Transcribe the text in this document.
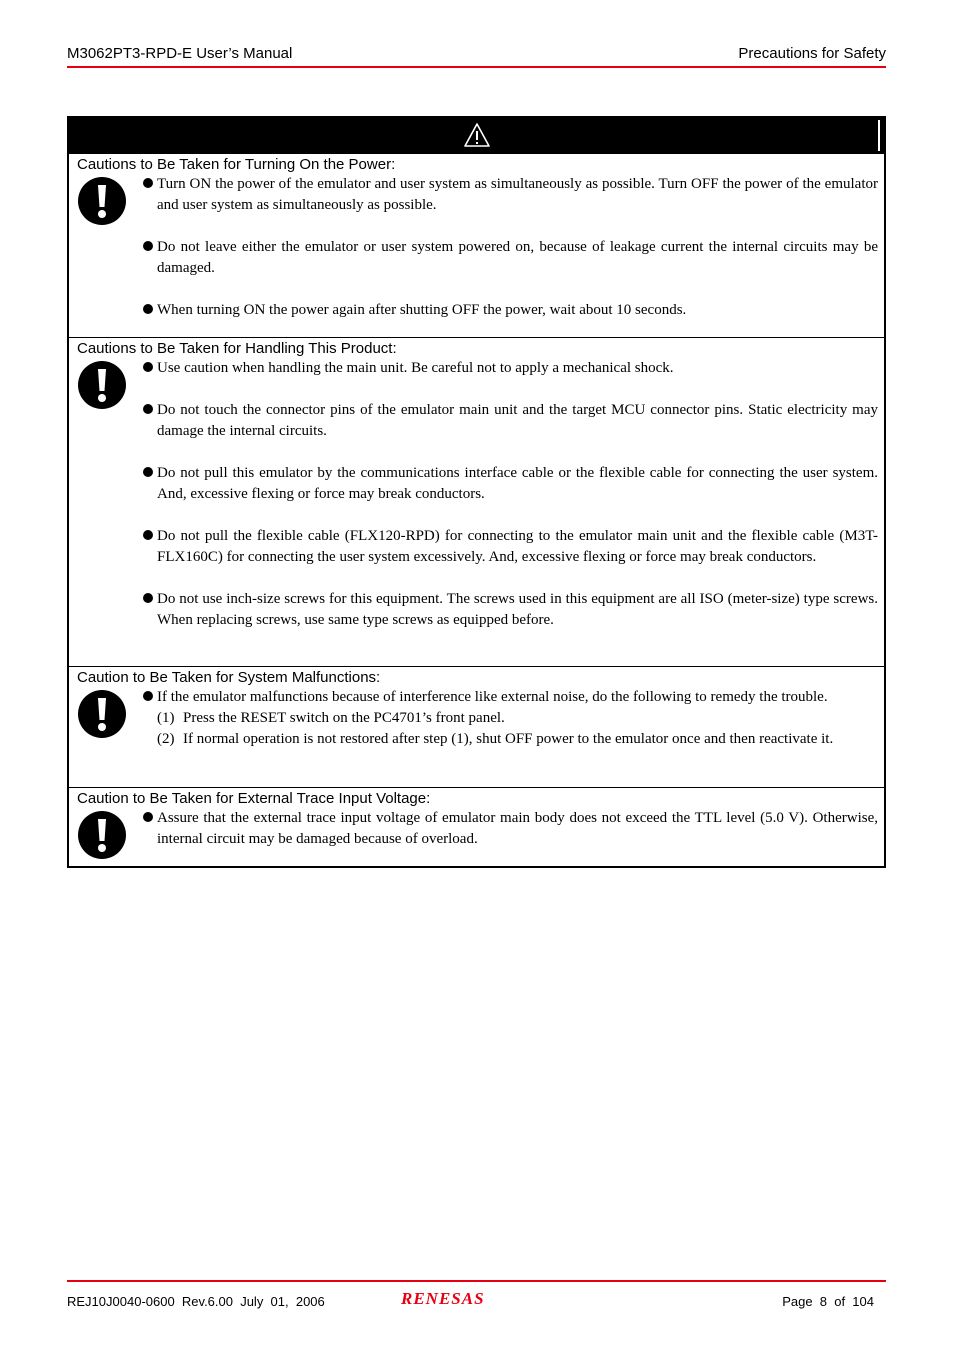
M3062PT3-RPD-E User’s Manual	Precautions for Safety
Cautions to Be Taken for Turning On the Power:
Turn ON the power of the emulator and user system as simultaneously as possible. Turn OFF the power of the emulator and user system as simultaneously as possible.
Do not leave either the emulator or user system powered on, because of leakage current the internal circuits may be damaged.
When turning ON the power again after shutting OFF the power, wait about 10 seconds.
Cautions to Be Taken for Handling This Product:
Use caution when handling the main unit. Be careful not to apply a mechanical shock.
Do not touch the connector pins of the emulator main unit and the target MCU connector pins. Static electricity may damage the internal circuits.
Do not pull this emulator by the communications interface cable or the flexible cable for connecting the user system. And, excessive flexing or force may break conductors.
Do not pull the flexible cable (FLX120-RPD) for connecting to the emulator main unit and the flexible cable (M3T-FLX160C) for connecting the user system excessively. And, excessive flexing or force may break conductors.
Do not use inch-size screws for this equipment. The screws used in this equipment are all ISO (meter-size) type screws. When replacing screws, use same type screws as equipped before.
Caution to Be Taken for System Malfunctions:
If the emulator malfunctions because of interference like external noise, do the following to remedy the trouble.
(1) Press the RESET switch on the PC4701’s front panel.
(2) If normal operation is not restored after step (1), shut OFF power to the emulator once and then reactivate it.
Caution to Be Taken for External Trace Input Voltage:
Assure that the external trace input voltage of emulator main body does not exceed the TTL level (5.0 V). Otherwise, internal circuit may be damaged because of overload.
REJ10J0040-0600  Rev.6.00  July  01,  2006	RENESAS	Page  8  of  104
